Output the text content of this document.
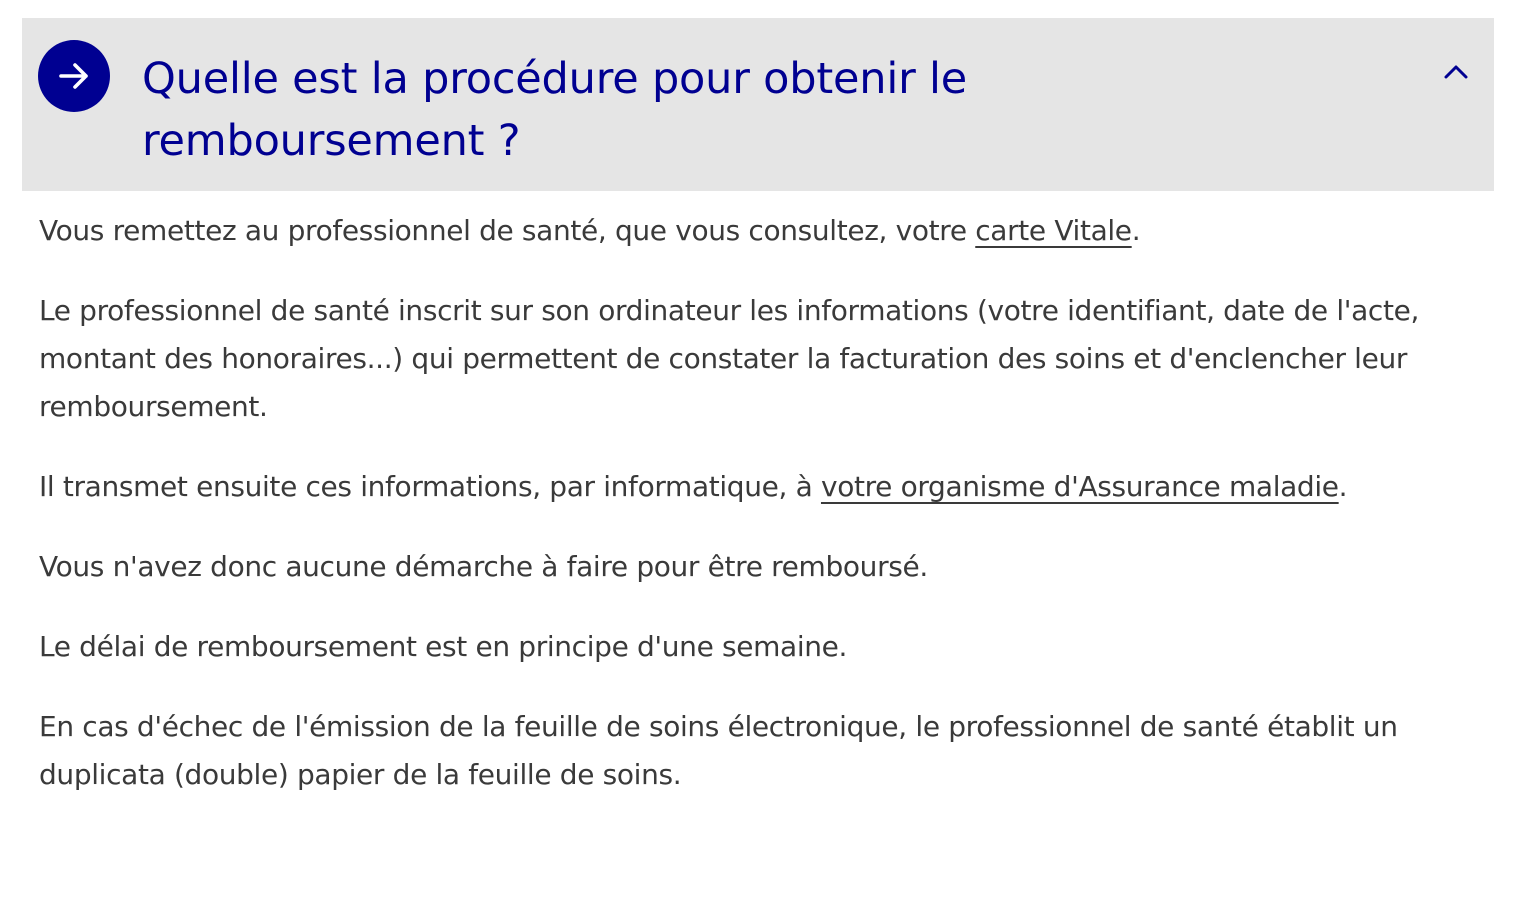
Quelle est la procédure pour obtenir le remboursement ?

Vous remettez au professionnel de santé, que vous consultez, votre carte Vitale.

Le professionnel de santé inscrit sur son ordinateur les informations (votre identifiant, date de l'acte, montant des honoraires...) qui permettent de constater la facturation des soins et d'enclencher leur remboursement.

Il transmet ensuite ces informations, par informatique, à votre organisme d'Assurance maladie.

Vous n'avez donc aucune démarche à faire pour être remboursé.

Le délai de remboursement est en principe d'une semaine.

En cas d'échec de l'émission de la feuille de soins électronique, le professionnel de santé établit un duplicata (double) papier de la feuille de soins.
